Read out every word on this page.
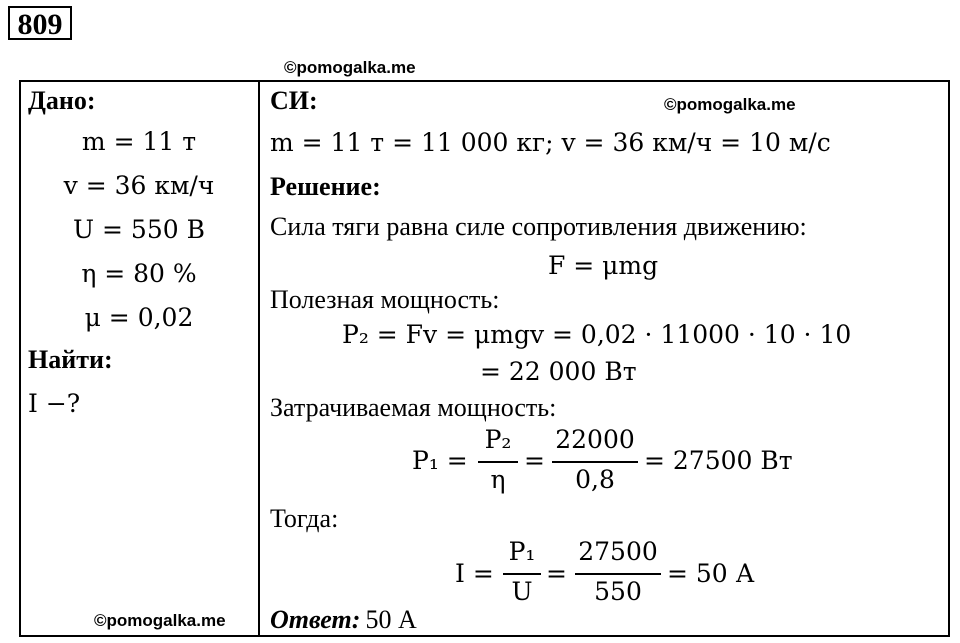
809
©pomogalka.me
©pomogalka.me
©pomogalka.me
Дано:
m = 11 т
v = 36 км/ч
U = 550 В
η = 80 %
μ = 0,02
Найти:
I −?
СИ:
m = 11 т = 11 000 кг; v = 36 км/ч = 10 м/с
Решение:
Сила тяги равна силе сопротивления движению:
F = μmg
Полезная мощность:
P₂ = Fv = μmgv = 0,02 · 11000 · 10 · 10
= 22 000 Вт
Затрачиваемая мощность:
P₁ =
P₂
η
=
22000
0,8
= 27500 Вт
Тогда:
I =
P₁
U
=
27500
550
= 50 А
Ответ: 50 А
